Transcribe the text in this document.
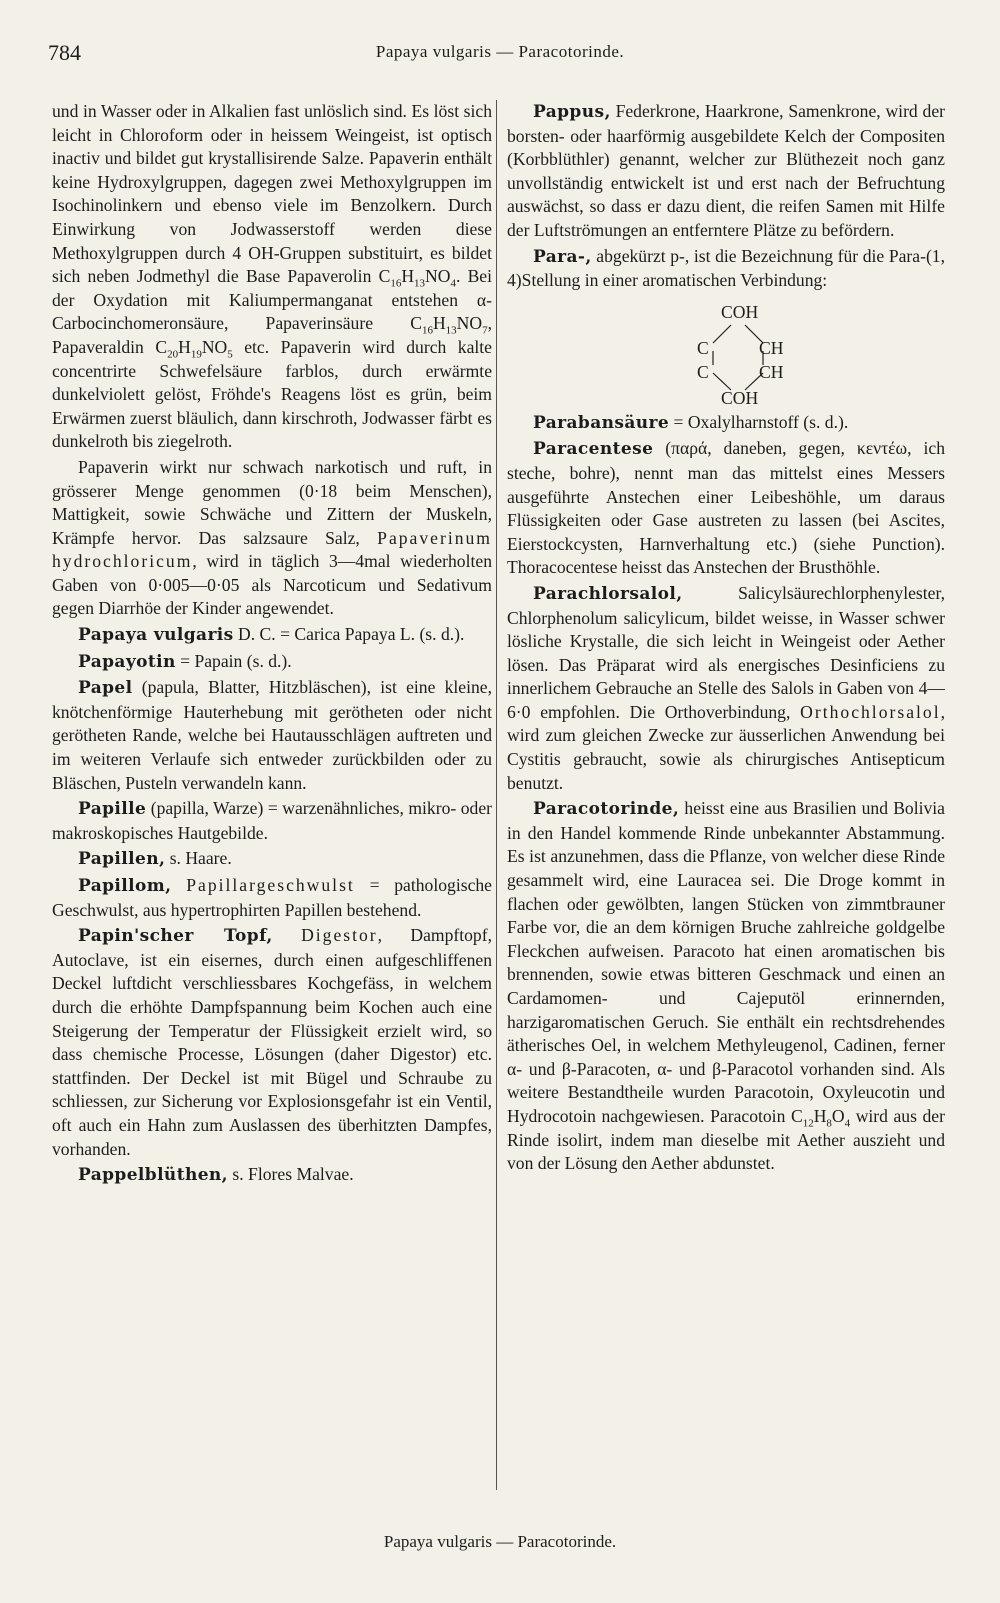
784	Papaya vulgaris — Paracotorinde.

und in Wasser oder in Alkalien fast unlöslich sind. Es löst sich leicht in Chloroform oder in heissem Weingeist, ist optisch inactiv und bildet gut krystallisirende Salze. Papaverin enthält keine Hydroxylgruppen, dagegen zwei Methoxylgruppen im Isochinolinkern und ebenso viele im Benzolkern. Durch Einwirkung von Jodwasserstoff werden diese Methoxylgruppen durch 4 OH-Gruppen substituirt, es bildet sich neben Jodmethyl die Base Papaverolin $C_{16}H_{13}NO_4$. Bei der Oxydation mit Kaliumpermanganat entstehen α-Carbocinchomeronsäure, Papaverinsäure $C_{16}H_{13}NO_7$, Papaveraldin $C_{20}H_{19}NO_5$ etc. Papaverin wird durch kalte concentrirte Schwefelsäure farblos, durch erwärmte dunkelviolett gelöst, Fröhde's Reagens löst es grün, beim Erwärmen zuerst bläulich, dann kirschroth, Jodwasser färbt es dunkelroth bis ziegelroth.

Papaverin wirkt nur schwach narkotisch und ruft, in grösserer Menge genommen (0·18 beim Menschen), Mattigkeit, sowie Schwäche und Zittern der Muskeln, Krämpfe hervor. Das salzsaure Salz, Papaverinum hydrochloricum, wird in täglich 3—4mal wiederholten Gaben von 0·005—0·05 als Narcoticum und Sedativum gegen Diarrhöe der Kinder angewendet.

Papaya vulgaris D. C. = Carica Papaya L. (s. d.).

Papayotin = Papain (s. d.).

Papel (papula, Blatter, Hitzbläschen), ist eine kleine, knötchenförmige Hauterhebung mit gerötheten oder nicht gerötheten Rande, welche bei Hautausschlägen auftreten und im weiteren Verlaufe sich entweder zurückbilden oder zu Bläschen, Pusteln verwandeln kann.

Papille (papilla, Warze) = warzenähnliches, mikro- oder makroskopisches Hautgebilde.

Papillen, s. Haare.

Papillom, Papillargeschwulst = pathologische Geschwulst, aus hypertrophirten Papillen bestehend.

Papin'scher Topf, Digestor, Dampftopf, Autoclave, ist ein eisernes, durch einen aufgeschliffenen Deckel luftdicht verschliessbares Kochgefäss, in welchem durch die erhöhte Dampfspannung beim Kochen auch eine Steigerung der Temperatur der Flüssigkeit erzielt wird, so dass chemische Processe, Lösungen (daher Digestor) etc. stattfinden. Der Deckel ist mit Bügel und Schraube zu schliessen, zur Sicherung vor Explosionsgefahr ist ein Ventil, oft auch ein Hahn zum Auslassen des überhitzten Dampfes, vorhanden.

Pappelblüthen, s. Flores Malvae.

Pappus, Federkrone, Haarkrone, Samenkrone, wird der borsten- oder haarförmig ausgebildete Kelch der Compositen (Korbblüthler) genannt, welcher zur Blüthezeit noch ganz unvollständig entwickelt ist und erst nach der Befruchtung auswächst, so dass er dazu dient, die reifen Samen mit Hilfe der Luftströmungen an entferntere Plätze zu befördern.

Para-, abgekürzt p-, ist die Bezeichnung für die Para-(1, 4)Stellung in einer aromatischen Verbindung:

COH
C	CH
C	CH
COH

Parabansäure = Oxalylharnstoff (s. d.).

Paracentese (παρά, daneben, gegen, κεντέω, ich steche, bohre), nennt man das mittelst eines Messers ausgeführte Anstechen einer Leibeshöhle, um daraus Flüssigkeiten oder Gase austreten zu lassen (bei Ascites, Eierstockcysten, Harnverhaltung etc.) (siehe Punction). Thoracocentese heisst das Anstechen der Brusthöhle.

Parachlorsalol, Salicylsäurechlorphenylester, Chlorphenolum salicylicum, bildet weisse, in Wasser schwer lösliche Krystalle, die sich leicht in Weingeist oder Aether lösen. Das Präparat wird als energisches Desinficiens zu innerlichem Gebrauche an Stelle des Salols in Gaben von 4—6·0 empfohlen. Die Orthoverbindung, Orthochlorsalol, wird zum gleichen Zwecke zur äusserlichen Anwendung bei Cystitis gebraucht, sowie als chirurgisches Antisepticum benutzt.

Paracotorinde, heisst eine aus Brasilien und Bolivia in den Handel kommende Rinde unbekannter Abstammung. Es ist anzunehmen, dass die Pflanze, von welcher diese Rinde gesammelt wird, eine Lauracea sei. Die Droge kommt in flachen oder gewölbten, langen Stücken von zimmtbrauner Farbe vor, die an dem körnigen Bruche zahlreiche goldgelbe Fleckchen aufweisen. Paracoto hat einen aromatischen bis brennenden, sowie etwas bitteren Geschmack und einen an Cardamomen- und Cajeputöl erinnernden, harzigaromatischen Geruch. Sie enthält ein rechtsdrehendes ätherisches Oel, in welchem Methyleugenol, Cadinen, ferner α- und β-Paracoten, α- und β-Paracotol vorhanden sind. Als weitere Bestandtheile wurden Paracotoin, Oxyleucotin und Hydrocotoin nachgewiesen. Paracotoin $C_{12}H_8O_4$ wird aus der Rinde isolirt, indem man dieselbe mit Aether auszieht und von der Lösung den Aether abdunstet.

Papaya vulgaris — Paracotorinde.
